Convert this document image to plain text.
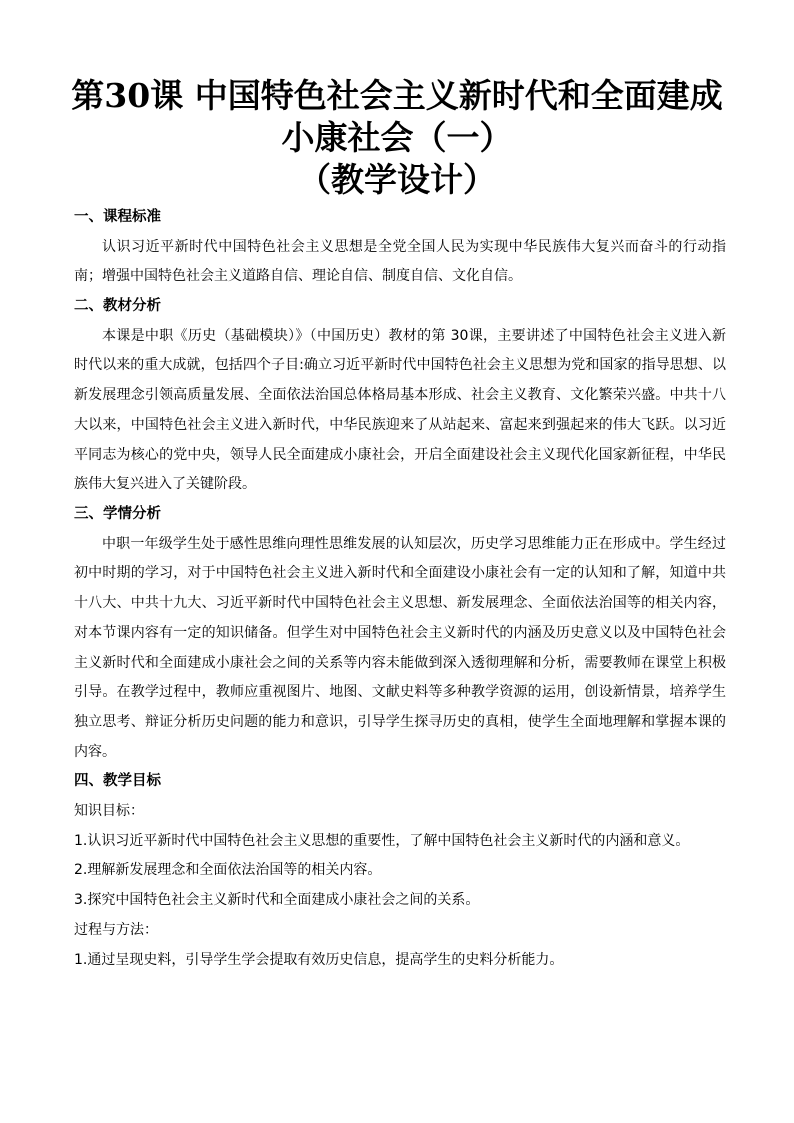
第30课 中国特色社会主义新时代和全面建成
小康社会（一）
（教学设计）

一、课程标准

认识习近平新时代中国特色社会主义思想是全党全国人民为实现中华民族伟大复兴而奋斗的行动指南；增强中国特色社会主义道路自信、理论自信、制度自信、文化自信。

二、教材分析

本课是中职《历史（基础模块）》（中国历史）教材的第 30课，主要讲述了中国特色社会主义进入新时代以来的重大成就，包括四个子目:确立习近平新时代中国特色社会主义思想为党和国家的指导思想、以新发展理念引领高质量发展、全面依法治国总体格局基本形成、社会主义教育、文化繁荣兴盛。中共十八大以来，中国特色社会主义进入新时代，中华民族迎来了从站起来、富起来到强起来的伟大飞跃。以习近平同志为核心的党中央，领导人民全面建成小康社会，开启全面建设社会主义现代化国家新征程，中华民族伟大复兴进入了关键阶段。

三、学情分析

中职一年级学生处于感性思维向理性思维发展的认知层次，历史学习思维能力正在形成中。学生经过初中时期的学习，对于中国特色社会主义进入新时代和全面建设小康社会有一定的认知和了解，知道中共十八大、中共十九大、习近平新时代中国特色社会主义思想、新发展理念、全面依法治国等的相关内容，对本节课内容有一定的知识储备。但学生对中国特色社会主义新时代的内涵及历史意义以及中国特色社会主义新时代和全面建成小康社会之间的关系等内容未能做到深入透彻理解和分析，需要教师在课堂上积极引导。在教学过程中，教师应重视图片、地图、文献史料等多种教学资源的运用，创设新情景，培养学生独立思考、辩证分析历史问题的能力和意识，引导学生探寻历史的真相，使学生全面地理解和掌握本课的内容。

四、教学目标

知识目标：

1.认识习近平新时代中国特色社会主义思想的重要性，了解中国特色社会主义新时代的内涵和意义。

2.理解新发展理念和全面依法治国等的相关内容。

3.探究中国特色社会主义新时代和全面建成小康社会之间的关系。

过程与方法：

1.通过呈现史料，引导学生学会提取有效历史信息，提高学生的史料分析能力。
